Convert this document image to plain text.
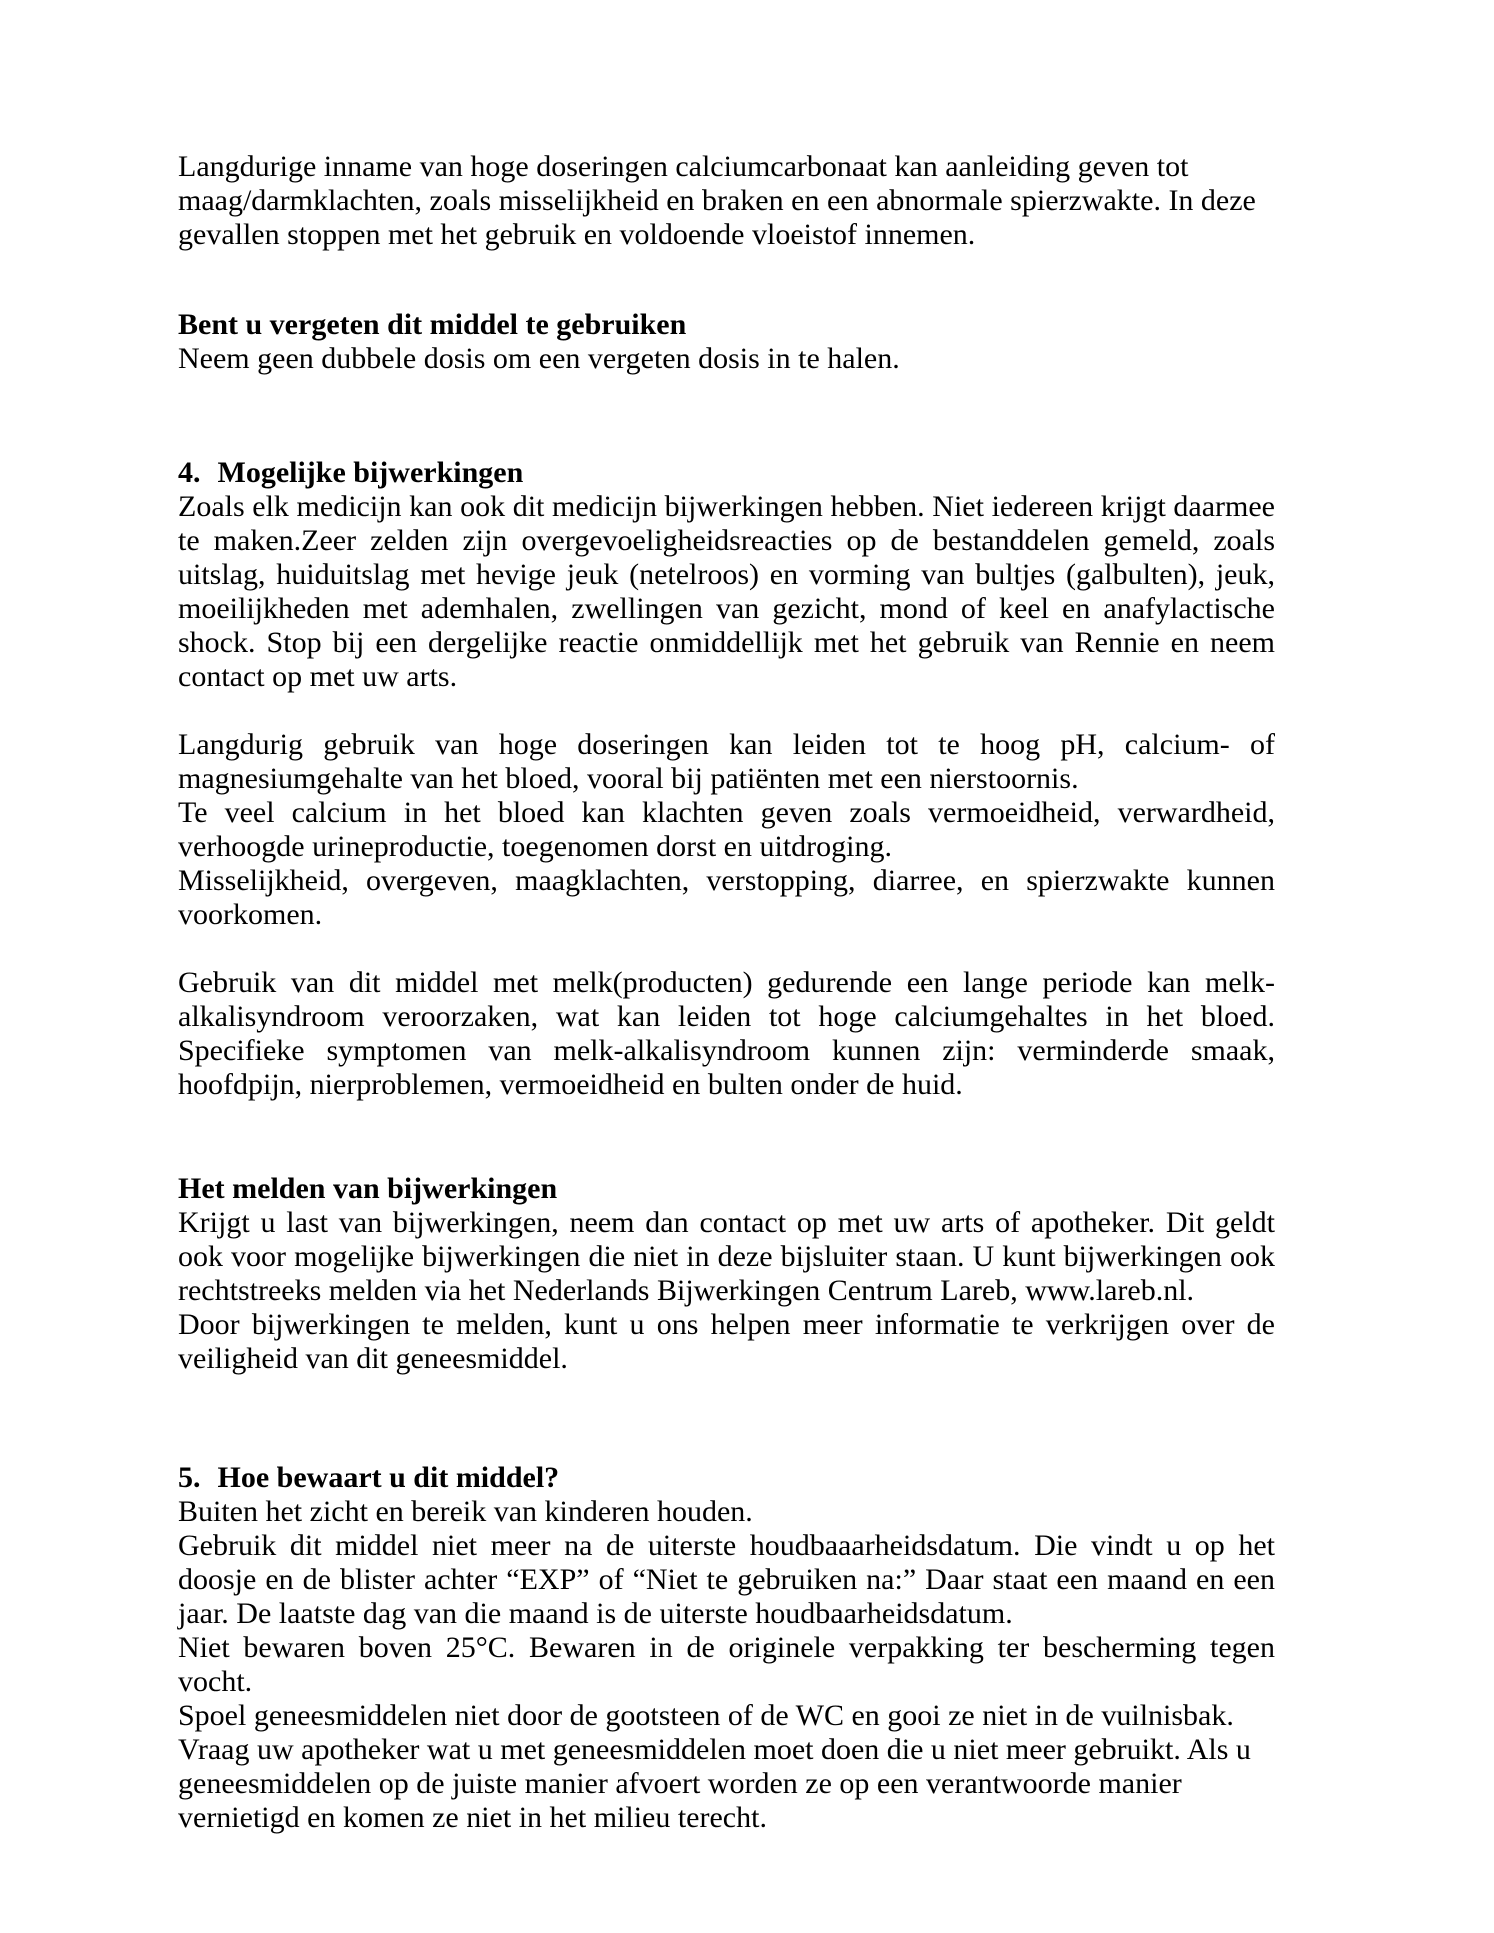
Langdurige inname van hoge doseringen calciumcarbonaat kan aanleiding geven tot maag/darmklachten, zoals misselijkheid en braken en een abnormale spierzwakte. In deze gevallen stoppen met het gebruik en voldoende vloeistof innemen.

Bent u vergeten dit middel te gebruiken

Neem geen dubbele dosis om een vergeten dosis in te halen.

4. Mogelijke bijwerkingen

Zoals elk medicijn kan ook dit medicijn bijwerkingen hebben. Niet iedereen krijgt daarmee te maken.Zeer zelden zijn overgevoeligheidsreacties op de bestanddelen gemeld, zoals uitslag, huiduitslag met hevige jeuk (netelroos) en vorming van bultjes (galbulten), jeuk, moeilijkheden met ademhalen, zwellingen van gezicht, mond of keel en anafylactische shock. Stop bij een dergelijke reactie onmiddellijk met het gebruik van Rennie en neem contact op met uw arts.

Langdurig gebruik van hoge doseringen kan leiden tot te hoog pH, calcium- of magnesiumgehalte van het bloed, vooral bij patiënten met een nierstoornis.

Te veel calcium in het bloed kan klachten geven zoals vermoeidheid, verwardheid, verhoogde urineproductie, toegenomen dorst en uitdroging.

Misselijkheid, overgeven, maagklachten, verstopping, diarree, en spierzwakte kunnen voorkomen.

Gebruik van dit middel met melk(producten) gedurende een lange periode kan melk-alkalisyndroom veroorzaken, wat kan leiden tot hoge calciumgehaltes in het bloed. Specifieke symptomen van melk-alkalisyndroom kunnen zijn: verminderde smaak, hoofdpijn, nierproblemen, vermoeidheid en bulten onder de huid.

Het melden van bijwerkingen

Krijgt u last van bijwerkingen, neem dan contact op met uw arts of apotheker. Dit geldt ook voor mogelijke bijwerkingen die niet in deze bijsluiter staan. U kunt bijwerkingen ook rechtstreeks melden via het Nederlands Bijwerkingen Centrum Lareb, www.lareb.nl.

Door bijwerkingen te melden, kunt u ons helpen meer informatie te verkrijgen over de veiligheid van dit geneesmiddel.

5. Hoe bewaart u dit middel?

Buiten het zicht en bereik van kinderen houden.

Gebruik dit middel niet meer na de uiterste houdbaaarheidsdatum. Die vindt u op het doosje en de blister achter “EXP” of “Niet te gebruiken na:” Daar staat een maand en een jaar. De laatste dag van die maand is de uiterste houdbaarheidsdatum.

Niet bewaren boven 25°C. Bewaren in de originele verpakking ter bescherming tegen vocht.

Spoel geneesmiddelen niet door de gootsteen of de WC en gooi ze niet in de vuilnisbak.

Vraag uw apotheker wat u met geneesmiddelen moet doen die u niet meer gebruikt. Als u geneesmiddelen op de juiste manier afvoert worden ze op een verantwoorde manier vernietigd en komen ze niet in het milieu terecht.
